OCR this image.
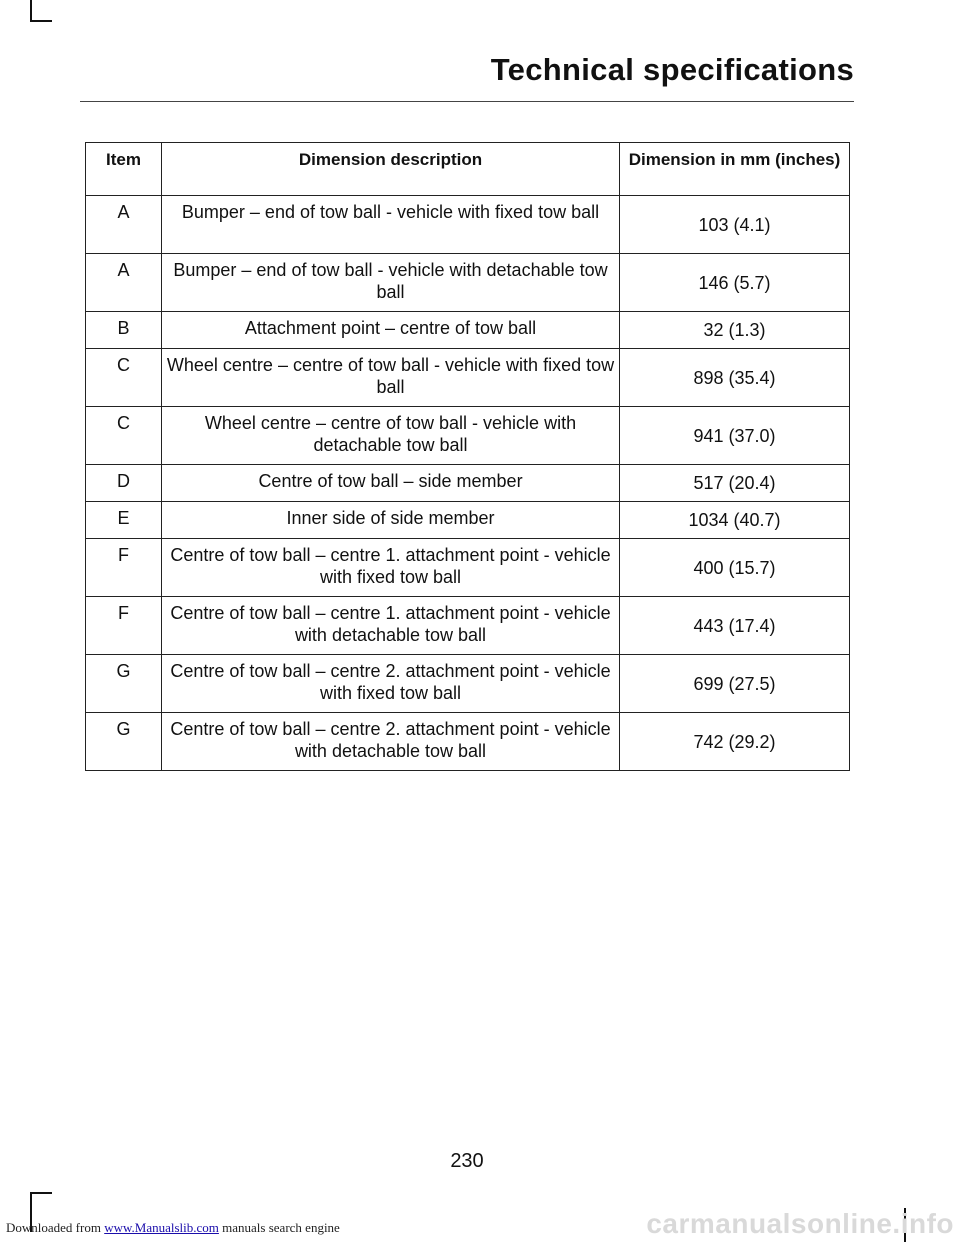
Technical specifications
Item	Dimension description	Dimension in mm (inches)
A	Bumper – end of tow ball - vehicle with fixed tow ball	103 (4.1)
A	Bumper – end of tow ball - vehicle with detachable tow ball	146 (5.7)
B	Attachment point – centre of tow ball	32 (1.3)
C	Wheel centre – centre of tow ball - vehicle with fixed tow ball	898 (35.4)
C	Wheel centre – centre of tow ball - vehicle with detachable tow ball	941 (37.0)
D	Centre of tow ball – side member	517 (20.4)
E	Inner side of side member	1034 (40.7)
F	Centre of tow ball – centre 1. attachment point - vehicle with fixed tow ball	400 (15.7)
F	Centre of tow ball – centre 1. attachment point - vehicle with detachable tow ball	443 (17.4)
G	Centre of tow ball – centre 2. attachment point - vehicle with fixed tow ball	699 (27.5)
G	Centre of tow ball – centre 2. attachment point - vehicle with detachable tow ball	742 (29.2)
230
Downloaded from www.Manualslib.com manuals search engine	carmanualsonline.info
